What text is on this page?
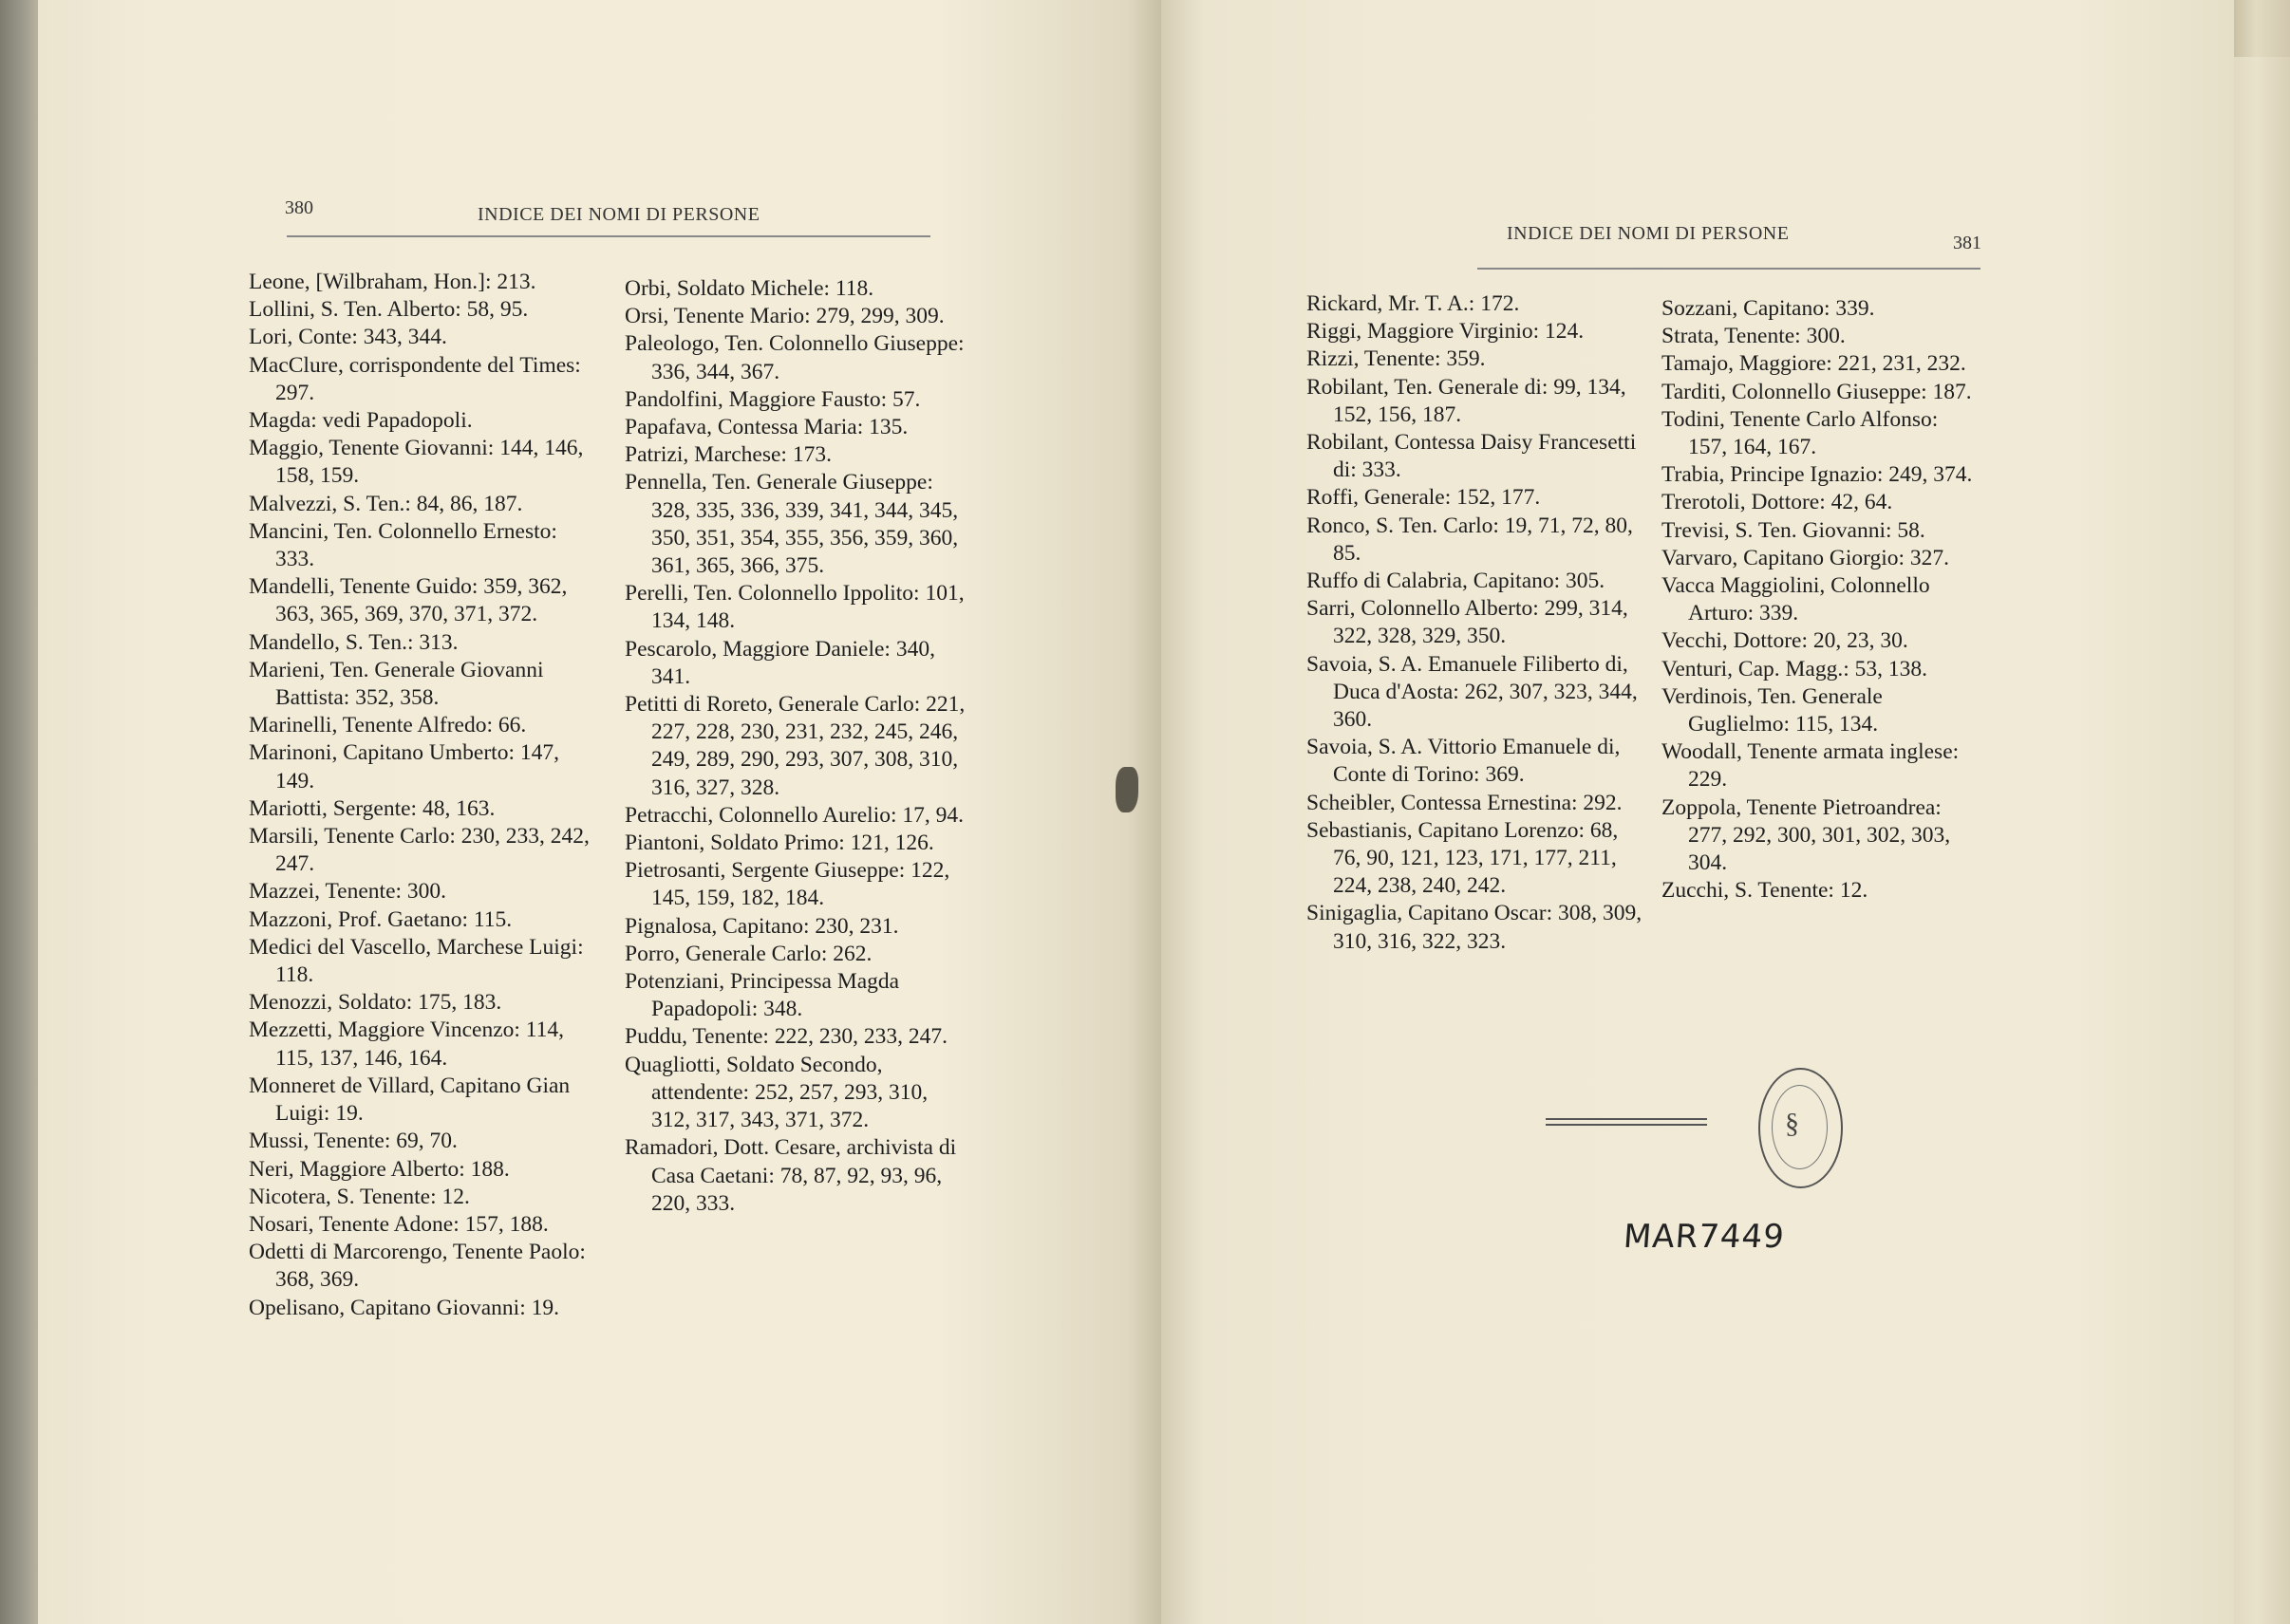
380	INDICE DEI NOMI DI PERSONE

Leone, [Wilbraham, Hon.]: 213.

Lollini, S. Ten. Alberto: 58, 95.

Lori, Conte: 343, 344.

MacClure, corrispondente del Times: 297.

Magda: vedi Papadopoli.

Maggio, Tenente Giovanni: 144, 146, 158, 159.

Malvezzi, S. Ten.: 84, 86, 187.

Mancini, Ten. Colonnello Ernesto: 333.

Mandelli, Tenente Guido: 359, 362, 363, 365, 369, 370, 371, 372.

Mandello, S. Ten.: 313.

Marieni, Ten. Generale Giovanni Battista: 352, 358.

Marinelli, Tenente Alfredo: 66.

Marinoni, Capitano Umberto: 147, 149.

Mariotti, Sergente: 48, 163.

Marsili, Tenente Carlo: 230, 233, 242, 247.

Mazzei, Tenente: 300.

Mazzoni, Prof. Gaetano: 115.

Medici del Vascello, Marchese Luigi: 118.

Menozzi, Soldato: 175, 183.

Mezzetti, Maggiore Vincenzo: 114, 115, 137, 146, 164.

Monneret de Villard, Capitano Gian Luigi: 19.

Mussi, Tenente: 69, 70.

Neri, Maggiore Alberto: 188.

Nicotera, S. Tenente: 12.

Nosari, Tenente Adone: 157, 188.

Odetti di Marcorengo, Tenente Paolo: 368, 369.

Opelisano, Capitano Giovanni: 19.

Orbi, Soldato Michele: 118.

Orsi, Tenente Mario: 279, 299, 309.

Paleologo, Ten. Colonnello Giuseppe: 336, 344, 367.

Pandolfini, Maggiore Fausto: 57.

Papafava, Contessa Maria: 135.

Patrizi, Marchese: 173.

Pennella, Ten. Generale Giuseppe: 328, 335, 336, 339, 341, 344, 345, 350, 351, 354, 355, 356, 359, 360, 361, 365, 366, 375.

Perelli, Ten. Colonnello Ippolito: 101, 134, 148.

Pescarolo, Maggiore Daniele: 340, 341.

Petitti di Roreto, Generale Carlo: 221, 227, 228, 230, 231, 232, 245, 246, 249, 289, 290, 293, 307, 308, 310, 316, 327, 328.

Petracchi, Colonnello Aurelio: 17, 94.

Piantoni, Soldato Primo: 121, 126.

Pietrosanti, Sergente Giuseppe: 122, 145, 159, 182, 184.

Pignalosa, Capitano: 230, 231.

Porro, Generale Carlo: 262.

Potenziani, Principessa Magda Papadopoli: 348.

Puddu, Tenente: 222, 230, 233, 247.

Quagliotti, Soldato Secondo, attendente: 252, 257, 293, 310, 312, 317, 343, 371, 372.

Ramadori, Dott. Cesare, archivista di Casa Caetani: 78, 87, 92, 93, 96, 220, 333.

INDICE DEI NOMI DI PERSONE	381

Rickard, Mr. T. A.: 172.

Riggi, Maggiore Virginio: 124.

Rizzi, Tenente: 359.

Robilant, Ten. Generale di: 99, 134, 152, 156, 187.

Robilant, Contessa Daisy Francesetti di: 333.

Roffi, Generale: 152, 177.

Ronco, S. Ten. Carlo: 19, 71, 72, 80, 85.

Ruffo di Calabria, Capitano: 305.

Sarri, Colonnello Alberto: 299, 314, 322, 328, 329, 350.

Savoia, S. A. Emanuele Filiberto di, Duca d'Aosta: 262, 307, 323, 344, 360.

Savoia, S. A. Vittorio Emanuele di, Conte di Torino: 369.

Scheibler, Contessa Ernestina: 292.

Sebastianis, Capitano Lorenzo: 68, 76, 90, 121, 123, 171, 177, 211, 224, 238, 240, 242.

Sinigaglia, Capitano Oscar: 308, 309, 310, 316, 322, 323.

Sozzani, Capitano: 339.

Strata, Tenente: 300.

Tamajo, Maggiore: 221, 231, 232.

Tarditi, Colonnello Giuseppe: 187.

Todini, Tenente Carlo Alfonso: 157, 164, 167.

Trabia, Principe Ignazio: 249, 374.

Trerotoli, Dottore: 42, 64.

Trevisi, S. Ten. Giovanni: 58.

Varvaro, Capitano Giorgio: 327.

Vacca Maggiolini, Colonnello Arturo: 339.

Vecchi, Dottore: 20, 23, 30.

Venturi, Cap. Magg.: 53, 138.

Verdinois, Ten. Generale Guglielmo: 115, 134.

Woodall, Tenente armata inglese: 229.

Zoppola, Tenente Pietroandrea: 277, 292, 300, 301, 302, 303, 304.

Zucchi, S. Tenente: 12.

§
MAR7449
